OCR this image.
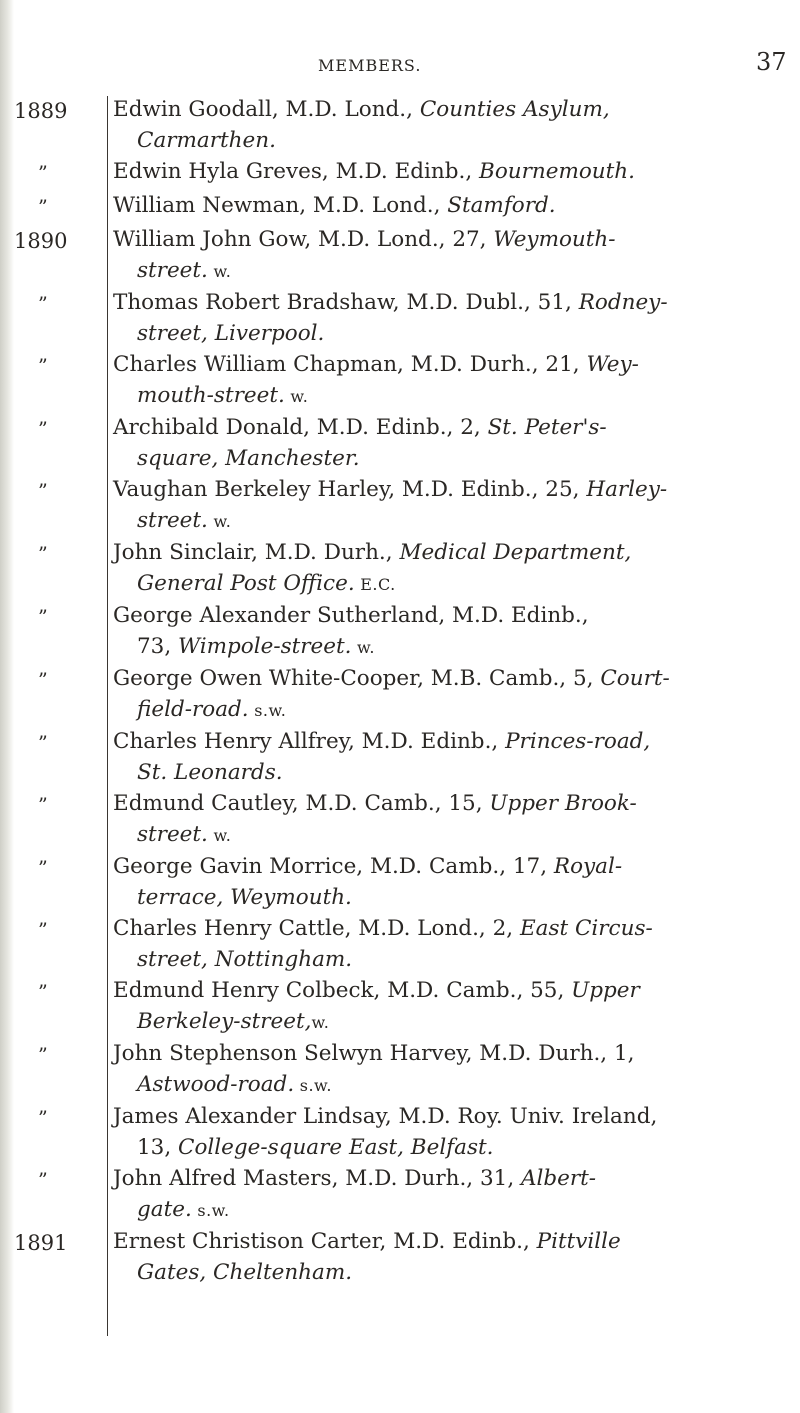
MEMBERS.	37
1889	Edwin Goodall, M.D. Lond., Counties Asylum,
Carmarthen.
”	Edwin Hyla Greves, M.D. Edinb., Bournemouth.
”	William Newman, M.D. Lond., Stamford.
1890	William John Gow, M.D. Lond., 27, Weymouth-
street. w.
”	Thomas Robert Bradshaw, M.D. Dubl., 51, Rodney-
street, Liverpool.
”	Charles William Chapman, M.D. Durh., 21, Wey-
mouth-street. w.
”	Archibald Donald, M.D. Edinb., 2, St. Peter's-
square, Manchester.
”	Vaughan Berkeley Harley, M.D. Edinb., 25, Harley-
street. w.
”	John Sinclair, M.D. Durh., Medical Department,
General Post Office. E.C.
”	George Alexander Sutherland, M.D. Edinb.,
73, Wimpole-street. w.
”	George Owen White-Cooper, M.B. Camb., 5, Court-
field-road. s.w.
”	Charles Henry Allfrey, M.D. Edinb., Princes-road,
St. Leonards.
”	Edmund Cautley, M.D. Camb., 15, Upper Brook-
street. w.
”	George Gavin Morrice, M.D. Camb., 17, Royal-
terrace, Weymouth.
”	Charles Henry Cattle, M.D. Lond., 2, East Circus-
street, Nottingham.
”	Edmund Henry Colbeck, M.D. Camb., 55, Upper
Berkeley-street,w.
”	John Stephenson Selwyn Harvey, M.D. Durh., 1,
Astwood-road. s.w.
”	James Alexander Lindsay, M.D. Roy. Univ. Ireland,
13, College-square East, Belfast.
”	John Alfred Masters, M.D. Durh., 31, Albert-
gate. s.w.
1891	Ernest Christison Carter, M.D. Edinb., Pittville
Gates, Cheltenham.
